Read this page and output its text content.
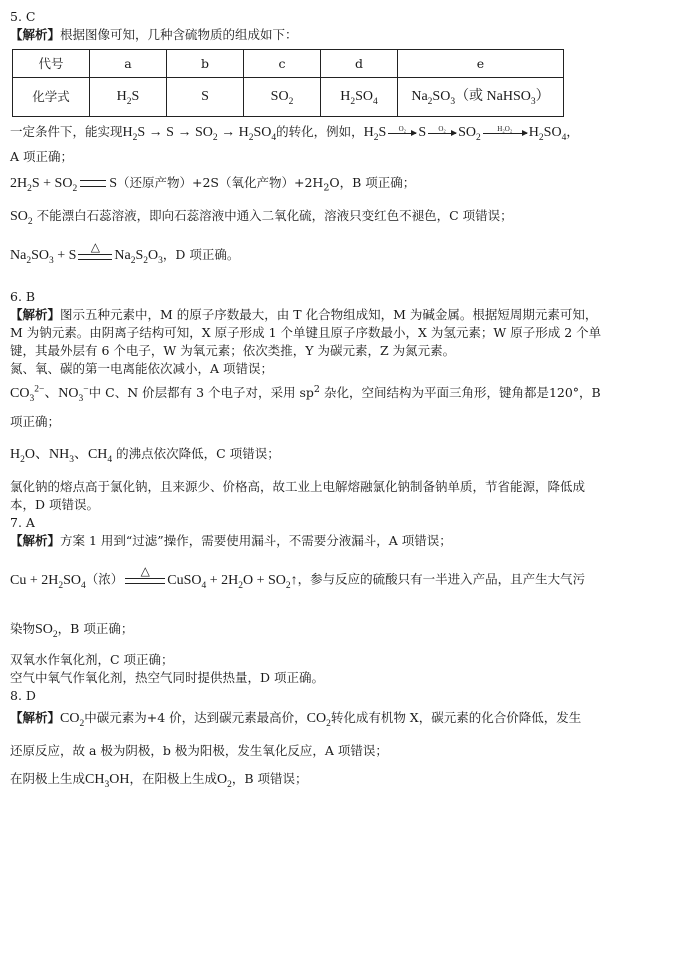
5. C
【解析】根据图像可知，几种含硫物质的组成如下：
代号	a	b	c	d	e
化学式	$H_2S$	S	$SO_2$	$H_2SO_4$	$Na_2SO_3$（或 NaHSO$_3$）
一定条件下，能实现$H_2S \to S \to SO_2 \to H_2SO_4$的转化，例如，$H_2S$ O₂ S O₂ $SO_2$
H₂O₂ $H_2SO_4$，
A 项正确；
$2H_2S + SO_2$ S（还原产物）+2S（氧化产物）$+2H_2O$，B 项正确；
$SO_2$ 不能漂白石蕊溶液，即向石蕊溶液中通入二氧化硫，溶液只变红色不褪色，C 项错误；
$Na_2SO_3 + S$
△
$Na_2S_2O_3$，D 项正确。
6. B
【解析】图示五种元素中，M 的原子序数最大，由 T 化合物组成知，M 为碱金属。根据短周期元素可知，
M 为钠元素。由阴离子结构可知，X 原子形成 1 个单键且原子序数最小，X 为氢元素；W 原子形成 2 个单
键，其最外层有 6 个电子，W 为氧元素；依次类推，Y 为碳元素，Z 为氮元素。
氮、氧、碳的第一电离能依次减小，A 项错误；
$CO_3^{2-}$、$NO_3^-$中 C、N 价层都有 3 个电子对，采用 $sp^2$ 杂化，空间结构为平面三角形，键角都是120°，B
项正确；
$H_2O$、$NH_3$、$CH_4$ 的沸点依次降低，C 项错误；
氯化钠的熔点高于氯化钠，且来源少、价格高，故工业上电解熔融氯化钠制备钠单质，节省能源，降低成
本，D 项错误。
7. A
【解析】方案 1 用到“过滤”操作，需要使用漏斗，不需要分液漏斗，A 项错误；
$Cu + 2H_2SO_4$（浓）
△
CuSO$_4$ + $2H_2O$ + $SO_2↑$，参与反应的硫酸只有一半进入产品，且产生大气污
染物$SO_2$，B 项正确；
双氧水作氧化剂，C 项正确；
空气中氧气作氧化剂，热空气同时提供热量，D 项正确。
8. D
【解析】$CO_2$中碳元素为+4 价，达到碳元素最高价，$CO_2$转化成有机物 X，碳元素的化合价降低，发生
还原反应，故 a 极为阴极，b 极为阳极，发生氧化反应，A 项错误；
在阴极上生成$CH_3OH$，在阳极上生成$O_2$，B 项错误；
